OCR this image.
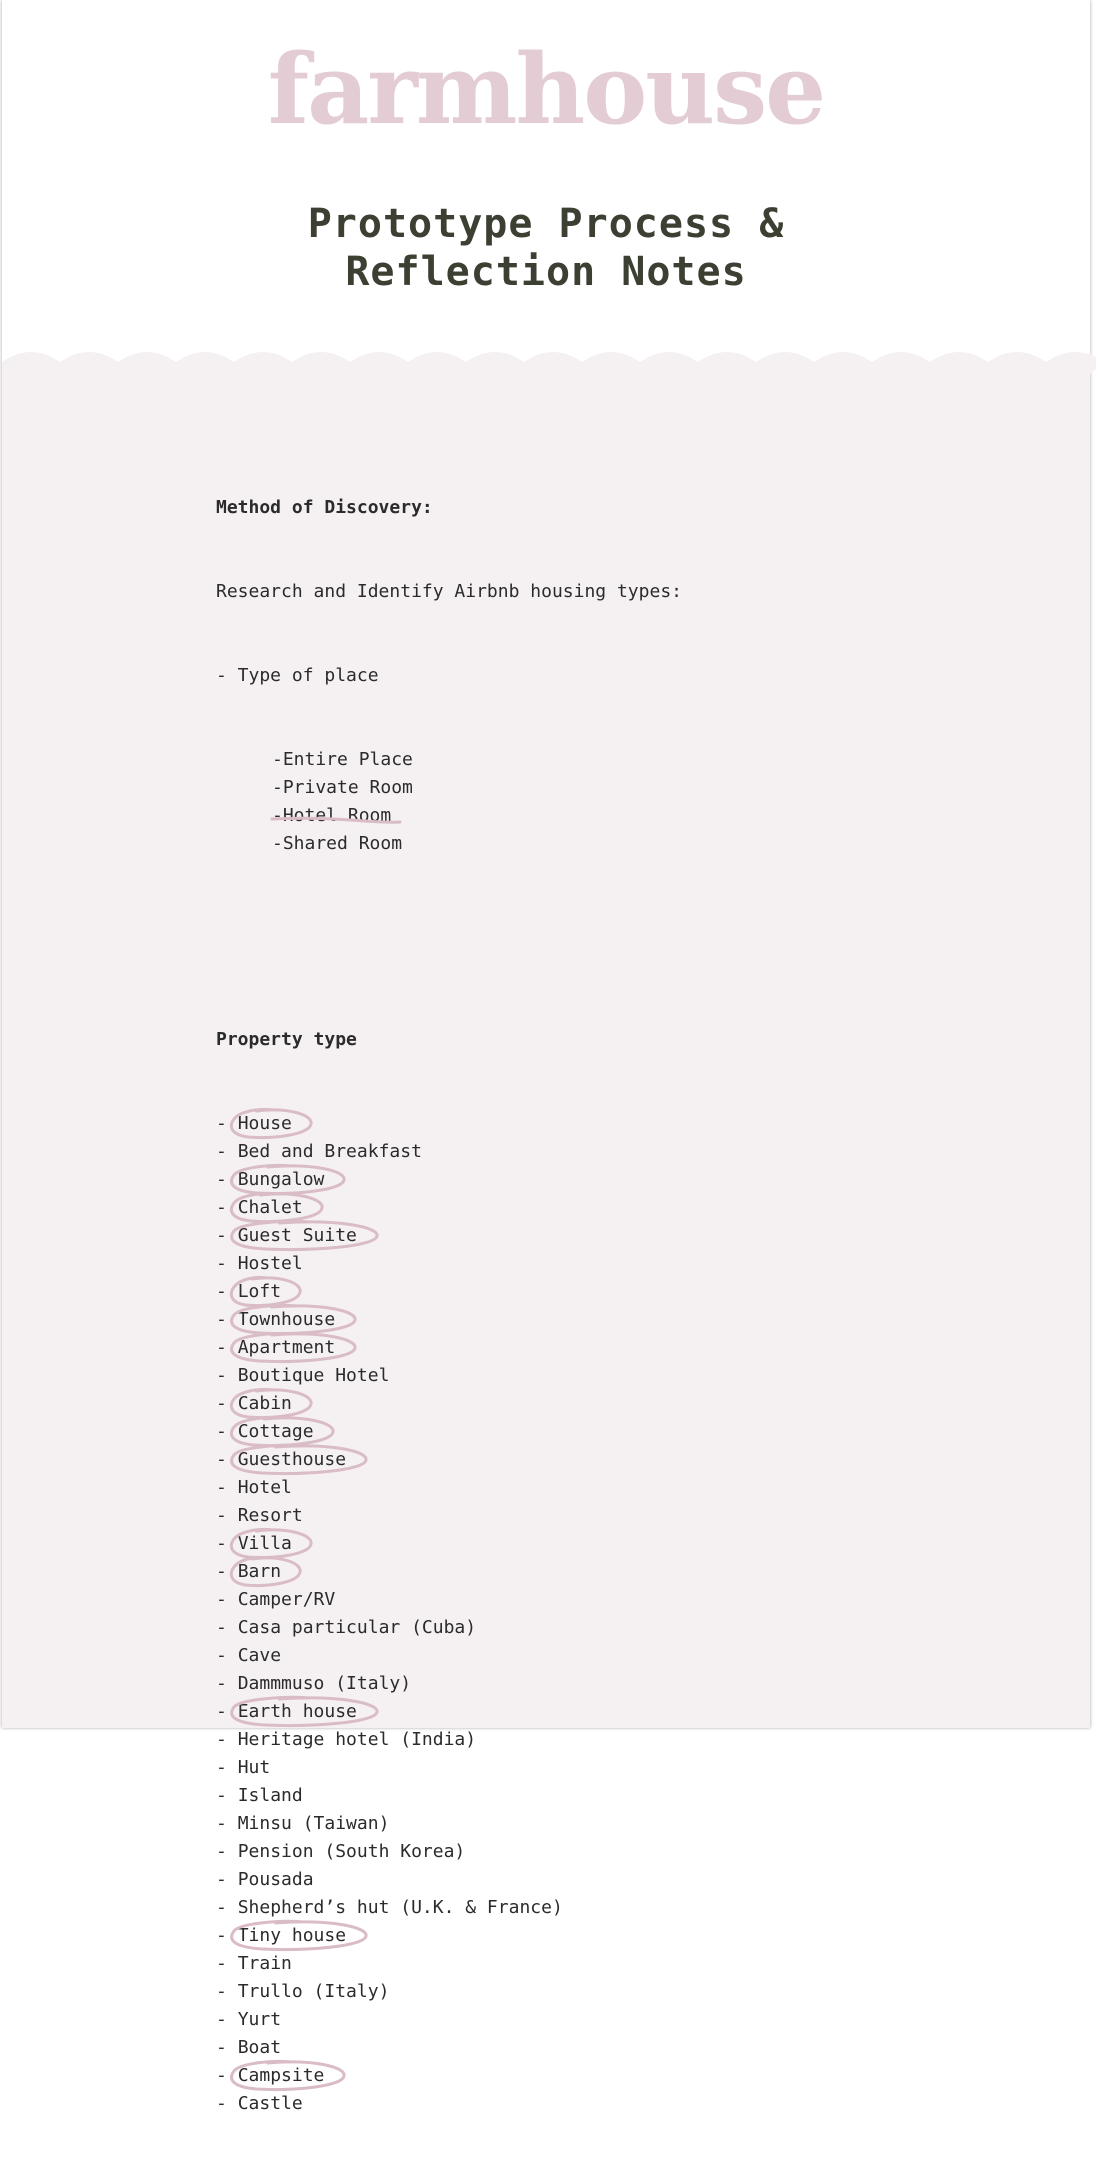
farmhouse
Prototype Process &
Reflection Notes

Method of Discovery:

Research and Identify Airbnb housing types:

- Type of place

-Entire Place
-Private Room
-Hotel Room
-Shared Room

Property type

- House
- Bed and Breakfast
- Bungalow
- Chalet
- Guest Suite
- Hostel
- Loft
- Townhouse
- Apartment
- Boutique Hotel
- Cabin
- Cottage
- Guesthouse
- Hotel
- Resort
- Villa
- Barn
- Camper/RV
- Casa particular (Cuba)
- Cave
- Dammmuso (Italy)
- Earth house
- Heritage hotel (India)
- Hut
- Island
- Minsu (Taiwan)
- Pension (South Korea)
- Pousada
- Shepherd’s hut (U.K. & France)
- Tiny house
- Train
- Trullo (Italy)
- Yurt
- Boat
- Campsite
- Castle
